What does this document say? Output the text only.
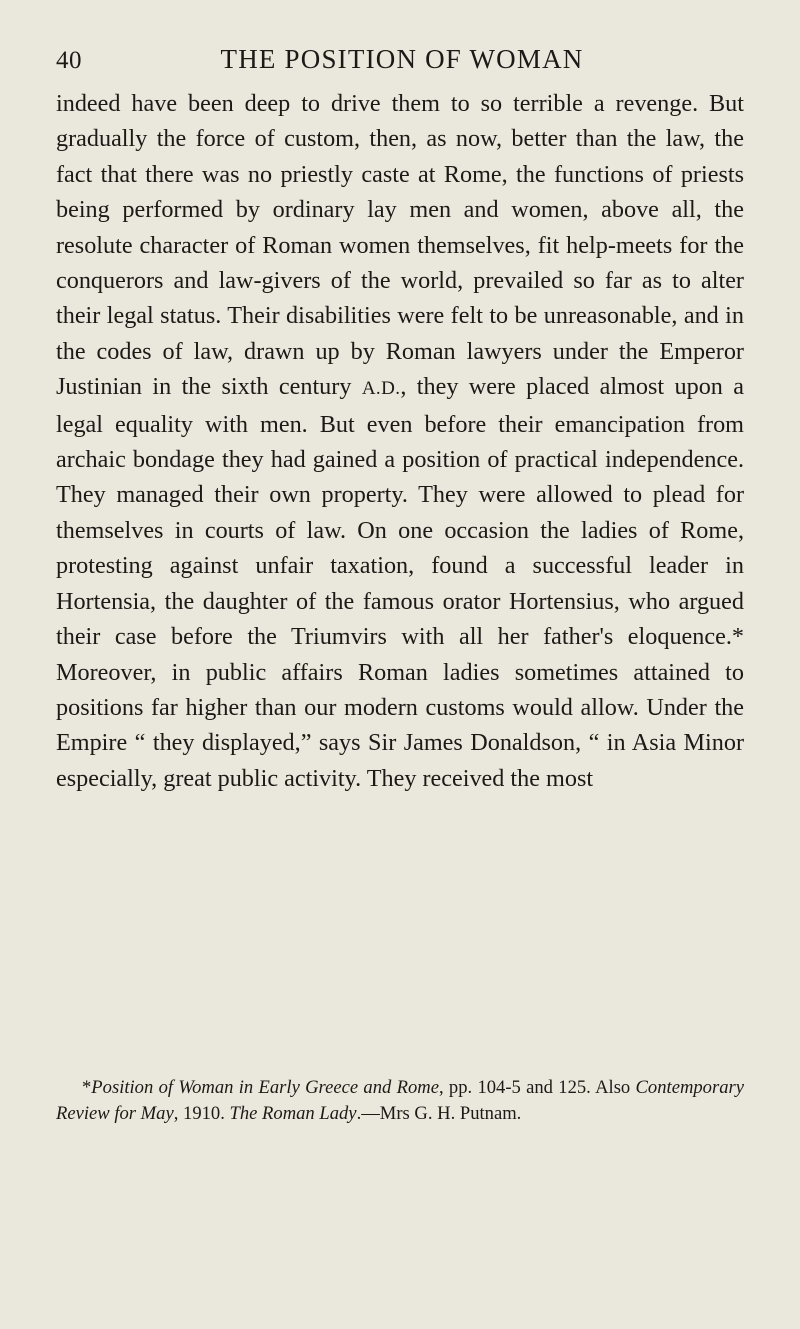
40	THE POSITION OF WOMAN

indeed have been deep to drive them to so terrible a revenge. But gradually the force of custom, then, as now, better than the law, the fact that there was no priestly caste at Rome, the functions of priests being performed by ordinary lay men and women, above all, the resolute character of Roman women themselves, fit help-meets for the conquerors and law-givers of the world, prevailed so far as to alter their legal status. Their disabilities were felt to be unreasonable, and in the codes of law, drawn up by Roman lawyers under the Emperor Justinian in the sixth century A.D., they were placed almost upon a legal equality with men. But even before their emancipation from archaic bondage they had gained a position of practical independence. They managed their own property. They were allowed to plead for themselves in courts of law. On one occasion the ladies of Rome, protesting against unfair taxation, found a successful leader in Hortensia, the daughter of the famous orator Hortensius, who argued their case before the Triumvirs with all her father's eloquence.* Moreover, in public affairs Roman ladies sometimes attained to positions far higher than our modern customs would allow. Under the Empire “ they displayed,” says Sir James Donaldson, “ in Asia Minor especially, great public activity. They received the most

*Position of Woman in Early Greece and Rome, pp. 104-5 and 125. Also Contemporary Review for May, 1910. The Roman Lady.—Mrs G. H. Putnam.
